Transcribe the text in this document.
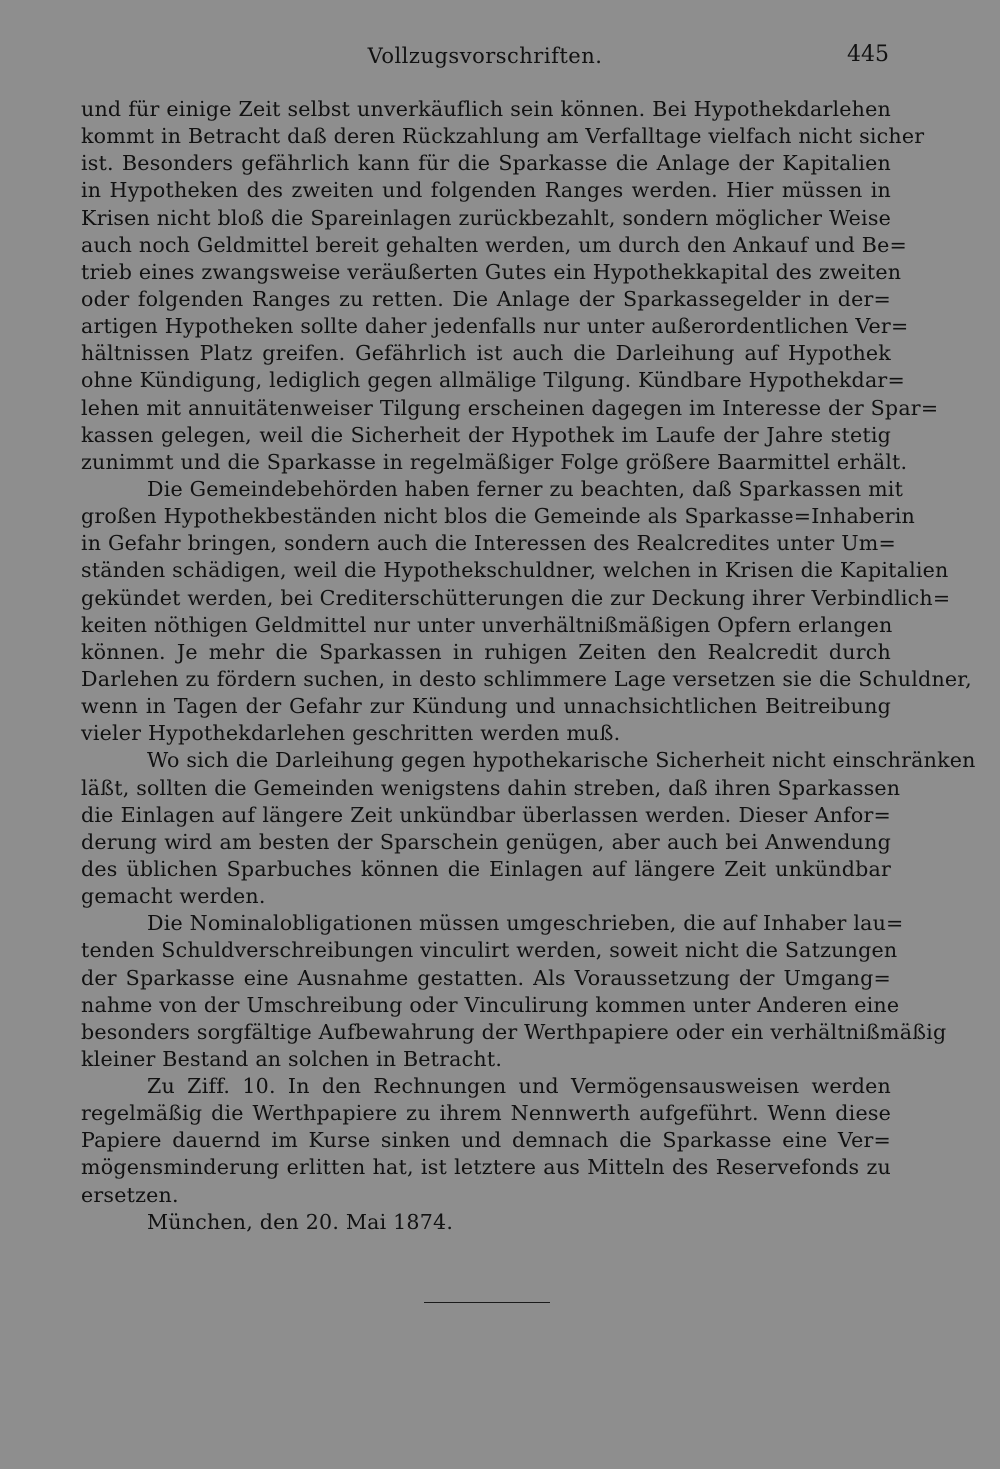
Vollzugsvorschriften.	445
und für einige Zeit selbst unverkäuflich sein können. Bei Hypothekdarlehen
kommt in Betracht daß deren Rückzahlung am Verfalltage vielfach nicht sicher
ist. Besonders gefährlich kann für die Sparkasse die Anlage der Kapitalien
in Hypotheken des zweiten und folgenden Ranges werden. Hier müssen in
Krisen nicht bloß die Spareinlagen zurückbezahlt, sondern möglicher Weise
auch noch Geldmittel bereit gehalten werden, um durch den Ankauf und Be=
trieb eines zwangsweise veräußerten Gutes ein Hypothekkapital des zweiten
oder folgenden Ranges zu retten. Die Anlage der Sparkassegelder in der=
artigen Hypotheken sollte daher jedenfalls nur unter außerordentlichen Ver=
hältnissen Platz greifen. Gefährlich ist auch die Darleihung auf Hypothek
ohne Kündigung, lediglich gegen allmälige Tilgung. Kündbare Hypothekdar=
lehen mit annuitätenweiser Tilgung erscheinen dagegen im Interesse der Spar=
kassen gelegen, weil die Sicherheit der Hypothek im Laufe der Jahre stetig
zunimmt und die Sparkasse in regelmäßiger Folge größere Baarmittel erhält.
Die Gemeindebehörden haben ferner zu beachten, daß Sparkassen mit
großen Hypothekbeständen nicht blos die Gemeinde als Sparkasse=Inhaberin
in Gefahr bringen, sondern auch die Interessen des Realcredites unter Um=
ständen schädigen, weil die Hypothekschuldner, welchen in Krisen die Kapitalien
gekündet werden, bei Crediterschütterungen die zur Deckung ihrer Verbindlich=
keiten nöthigen Geldmittel nur unter unverhältnißmäßigen Opfern erlangen
können. Je mehr die Sparkassen in ruhigen Zeiten den Realcredit durch
Darlehen zu fördern suchen, in desto schlimmere Lage versetzen sie die Schuldner,
wenn in Tagen der Gefahr zur Kündung und unnachsichtlichen Beitreibung
vieler Hypothekdarlehen geschritten werden muß.
Wo sich die Darleihung gegen hypothekarische Sicherheit nicht einschränken
läßt, sollten die Gemeinden wenigstens dahin streben, daß ihren Sparkassen
die Einlagen auf längere Zeit unkündbar überlassen werden. Dieser Anfor=
derung wird am besten der Sparschein genügen, aber auch bei Anwendung
des üblichen Sparbuches können die Einlagen auf längere Zeit unkündbar
gemacht werden.
Die Nominalobligationen müssen umgeschrieben, die auf Inhaber lau=
tenden Schuldverschreibungen vinculirt werden, soweit nicht die Satzungen
der Sparkasse eine Ausnahme gestatten. Als Voraussetzung der Umgang=
nahme von der Umschreibung oder Vinculirung kommen unter Anderen eine
besonders sorgfältige Aufbewahrung der Werthpapiere oder ein verhältnißmäßig
kleiner Bestand an solchen in Betracht.
Zu Ziff. 10. In den Rechnungen und Vermögensausweisen werden
regelmäßig die Werthpapiere zu ihrem Nennwerth aufgeführt. Wenn diese
Papiere dauernd im Kurse sinken und demnach die Sparkasse eine Ver=
mögensminderung erlitten hat, ist letztere aus Mitteln des Reservefonds zu
ersetzen.
München, den 20. Mai 1874.
